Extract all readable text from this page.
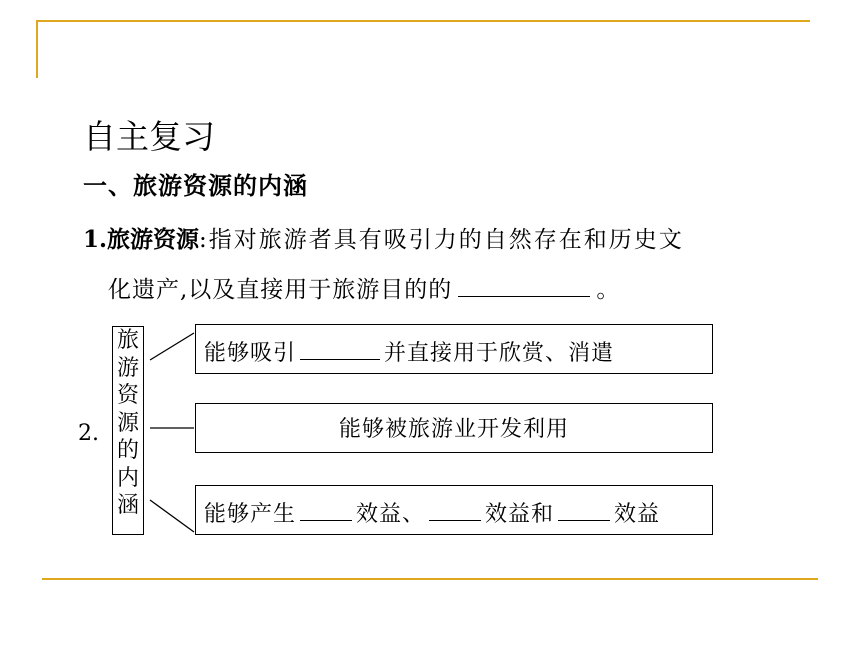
自主复习
一、旅游资源的内涵
1.旅游资源:指对旅游者具有吸引力的自然存在和历史文
化遗产,以及直接用于旅游目的的	。
2.
旅
游
资
源
的
内
涵
能够吸引	并直接用于欣赏、消遣
能够被旅游业开发利用
能够产生	效益、	效益和	效益
